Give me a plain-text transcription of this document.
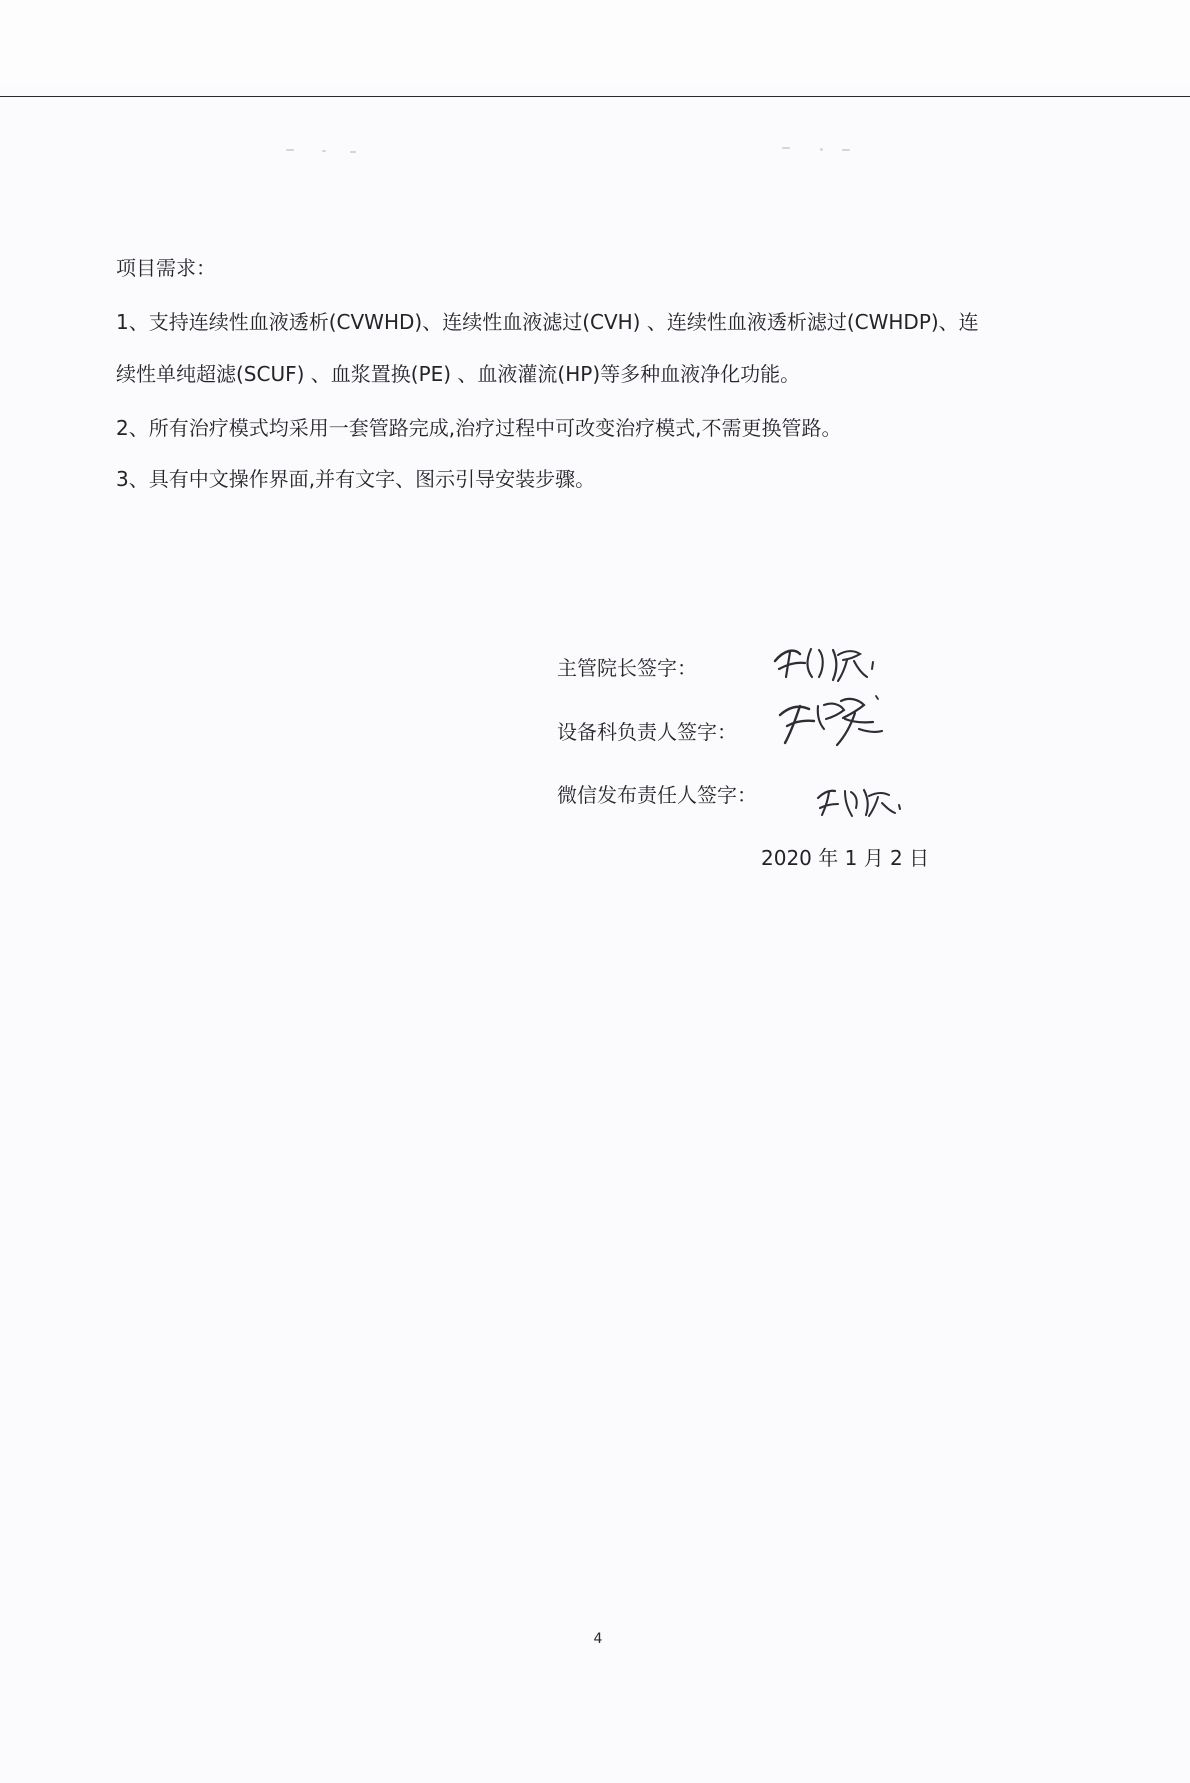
项目需求：
1、支持连续性血液透析(CVWHD)、连续性血液滤过(CVH) 、连续性血液透析滤过(CWHDP)、连
续性单纯超滤(SCUF) 、血浆置换(PE) 、血液灌流(HP)等多种血液净化功能。
2、所有治疗模式均采用一套管路完成,治疗过程中可改变治疗模式,不需更换管路。
3、具有中文操作界面,并有文字、图示引导安装步骤。
主管院长签字：
设备科负责人签字：
微信发布责任人签字：
2020 年 1 月 2 日
4
